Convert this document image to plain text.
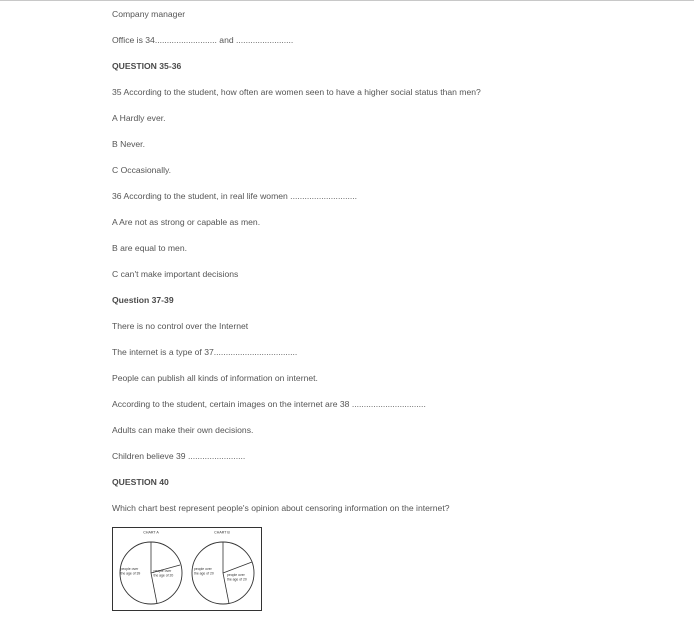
Company manager
Office is 34.......................... and ........................
QUESTION 35-36
35 According to the student, how often are women seen to have a higher social status than men?
A Hardly ever.
B Never.
C Occasionally.
36 According to the student, in real life women ............................
A Are not as strong or capable as men.
B are equal to men.
C can't make important decisions
Question 37-39
There is no control over the Internet
The internet is a type of 37...................................
People can publish all kinds of information on internet.
According to the student, certain images on the internet are 38 ...............................
Adults can make their own decisions.
Children believe 39 ........................
QUESTION 40
Which chart best represent people's opinion about censoring information on the internet?
CHART A	CHART B
people over
the age of 39
people over
the age of 20
people over
the age of 20	people over
the age of 20
